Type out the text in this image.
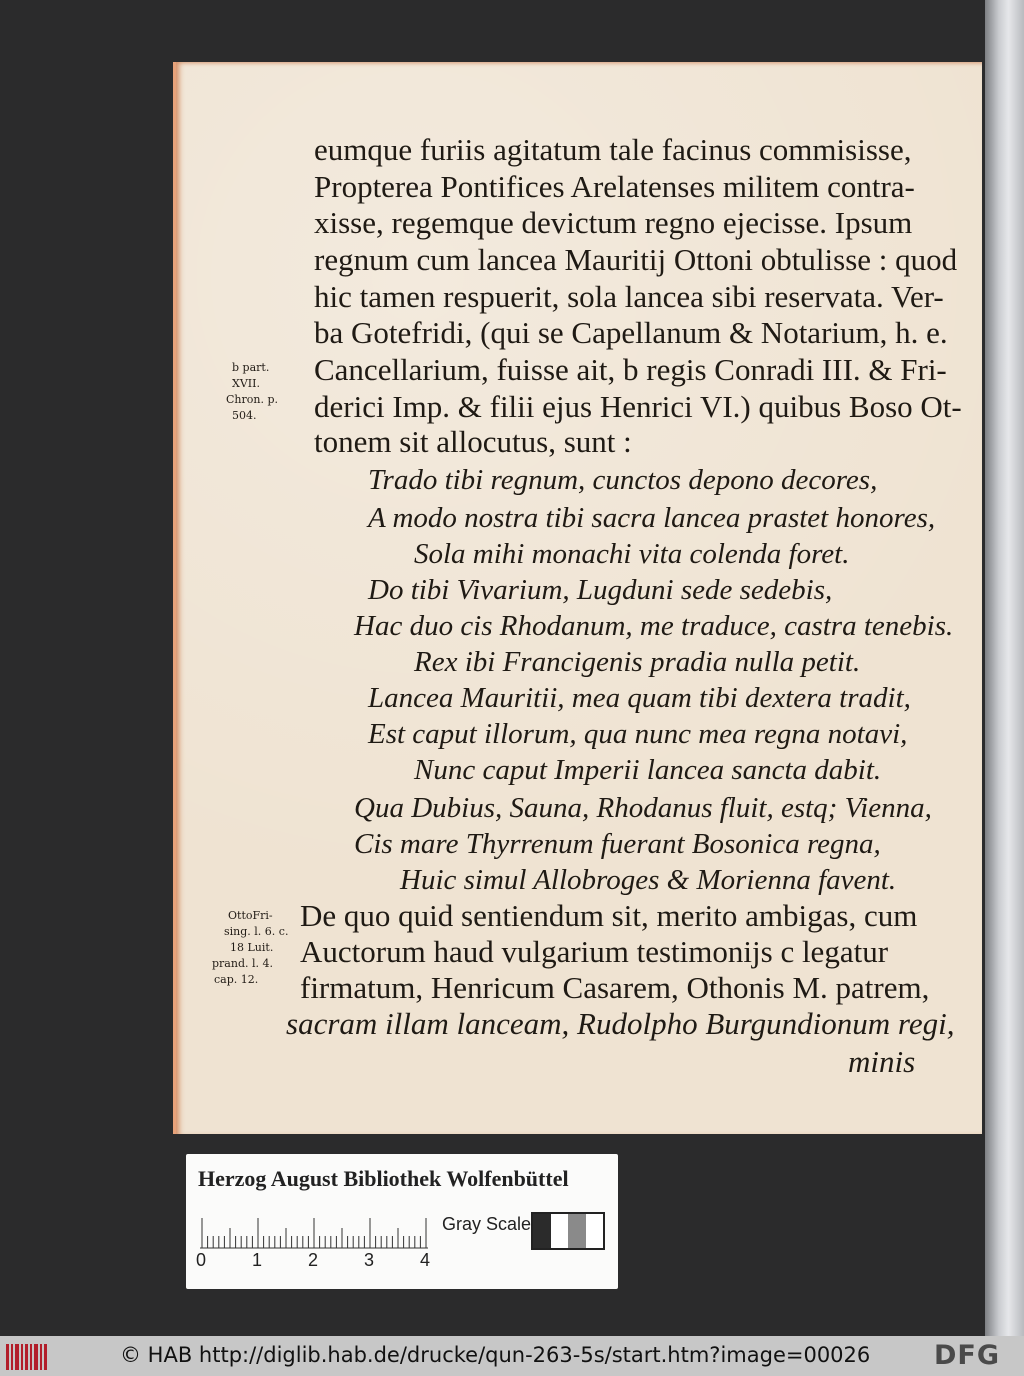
eumque furiis agitatum tale facinus commisisse,
Propterea Pontifices Arelatenses militem contra-
xisse, regemque devictum regno ejecisse. Ipsum
regnum cum lancea Mauritij Ottoni obtulisse : quod
hic tamen respuerit, sola lancea sibi reservata. Ver-
ba Gotefridi, (qui se Capellanum & Notarium, h. e.
Cancellarium, fuisse ait, b regis Conradi III. & Fri-
derici Imp. & filii ejus Henrici VI.) quibus Boso Ot-
tonem sit allocutus, sunt :
Trado tibi regnum, cunctos depono decores,
A modo nostra tibi sacra lancea prastet honores,
Sola mihi monachi vita colenda foret.
Do tibi Vivarium, Lugduni sede sedebis,
Hac duo cis Rhodanum, me traduce, castra tenebis.
Rex ibi Francigenis pradia nulla petit.
Lancea Mauritii, mea quam tibi dextera tradit,
Est caput illorum, qua nunc mea regna notavi,
Nunc caput Imperii lancea sancta dabit.
Qua Dubius, Sauna, Rhodanus fluit, estq; Vienna,
Cis mare Thyrrenum fuerant Bosonica regna,
Huic simul Allobroges & Morienna favent.
De quo quid sentiendum sit, merito ambigas, cum
Auctorum haud vulgarium testimonijs c legatur
firmatum, Henricum Casarem, Othonis M. patrem,
sacram illam lanceam, Rudolpho Burgundionum regi,
minis
b part.
XVII.
Chron. p.
504.
OttoFri-
sing. l. 6. c.
18 Luit.
prand. l. 4.
cap. 12.
Herzog August Bibliothek Wolfenbüttel
0	1	2	3	4
Gray Scale
© HAB http://diglib.hab.de/drucke/qun-263-5s/start.htm?image=00026 DFG
